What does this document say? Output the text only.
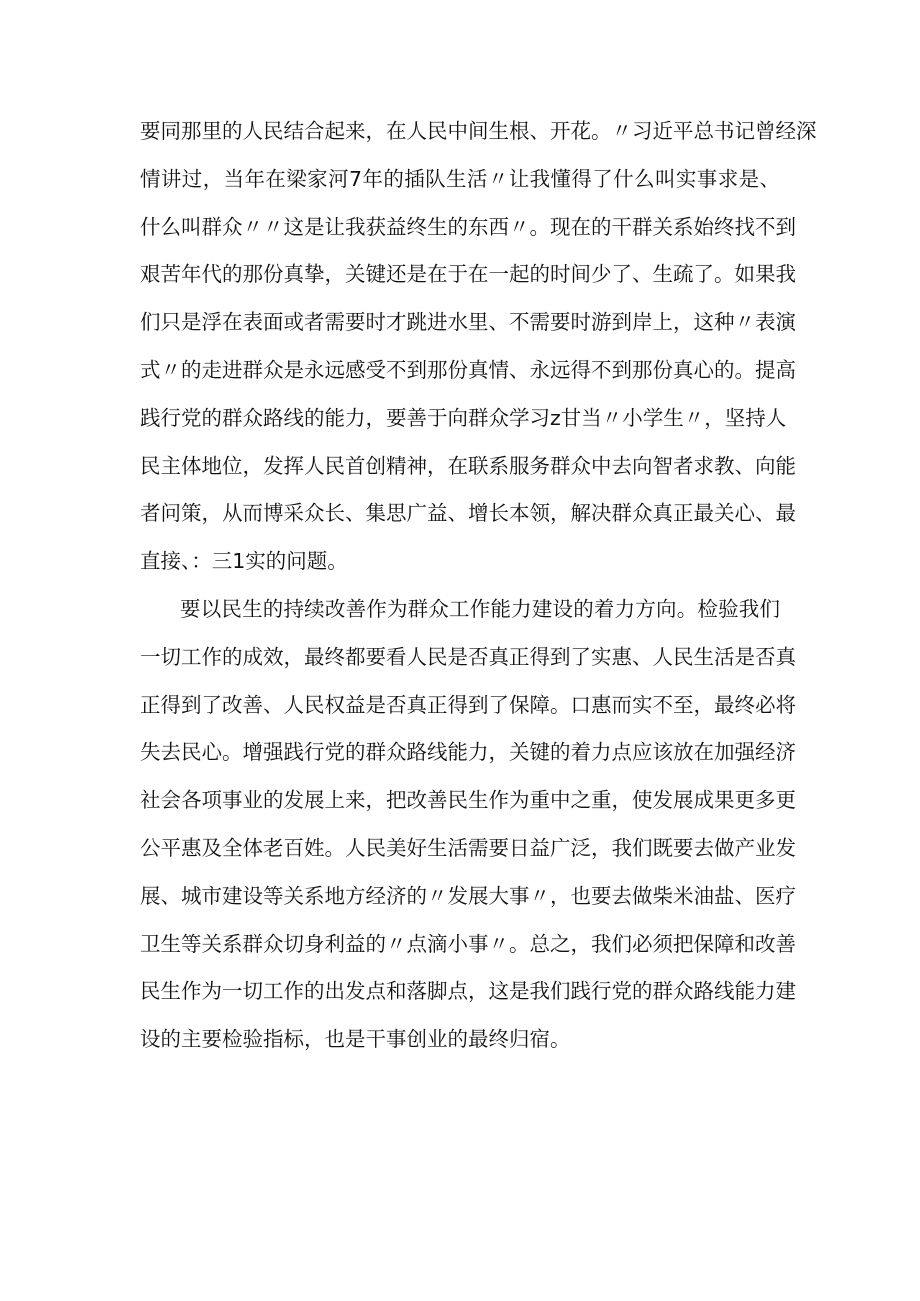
要同那里的人民结合起来，在人民中间生根、开花。〃习近平总书记曾经深
情讲过，当年在梁家河7年的插队生活〃让我懂得了什么叫实事求是、
什么叫群众〃〃这是让我获益终生的东西〃。现在的干群关系始终找不到
艰苦年代的那份真挚，关键还是在于在一起的时间少了、生疏了。如果我
们只是浮在表面或者需要时才跳进水里、不需要时游到岸上，这种〃表演
式〃的走进群众是永远感受不到那份真情、永远得不到那份真心的。提高
践行党的群众路线的能力，要善于向群众学习z甘当〃小学生〃，坚持人
民主体地位，发挥人民首创精神，在联系服务群众中去向智者求教、向能
者问策，从而博采众长、集思广益、增长本领，解决群众真正最关心、最
直接、：三1实的问题。
要以民生的持续改善作为群众工作能力建设的着力方向。检验我们
一切工作的成效，最终都要看人民是否真正得到了实惠、人民生活是否真
正得到了改善、人民权益是否真正得到了保障。口惠而实不至，最终必将
失去民心。增强践行党的群众路线能力，关键的着力点应该放在加强经济
社会各项事业的发展上来，把改善民生作为重中之重，使发展成果更多更
公平惠及全体老百姓。人民美好生活需要日益广泛，我们既要去做产业发
展、城市建设等关系地方经济的〃发展大事〃，也要去做柴米油盐、医疗
卫生等关系群众切身利益的〃点滴小事〃。总之，我们必须把保障和改善
民生作为一切工作的出发点和落脚点，这是我们践行党的群众路线能力建
设的主要检验指标，也是干事创业的最终归宿。
